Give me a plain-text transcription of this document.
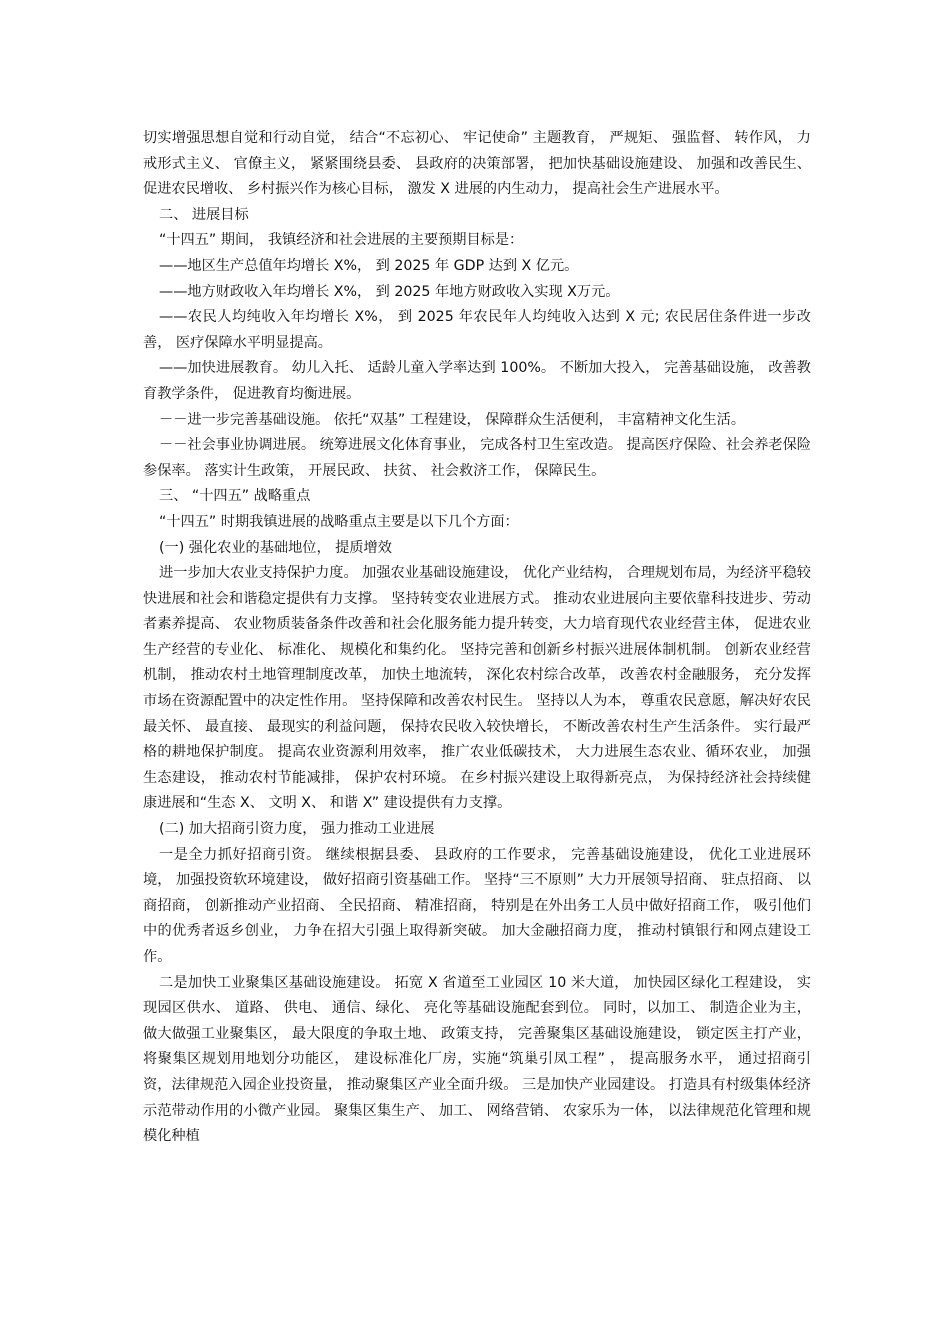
切实增强思想自觉和行动自觉， 结合“不忘初心、 牢记使命” 主题教育， 严规矩、 强监督、 转作风， 力戒形式主义、 官僚主义， 紧紧围绕县委、 县政府的决策部署， 把加快基础设施建设、 加强和改善民生、 促进农民增收、 乡村振兴作为核心目标， 激发 X 进展的内生动力， 提高社会生产进展水平。

二、 进展目标

“十四五” 期间， 我镇经济和社会进展的主要预期目标是：

——地区生产总值年均增长 X%， 到 2025 年 GDP 达到 X 亿元。

——地方财政收入年均增长 X%， 到 2025 年地方财政收入实现 X万元。

——农民人均纯收入年均增长 X%， 到 2025 年农民年人均纯收入达到 X 元; 农民居住条件进一步改善， 医疗保障水平明显提高。

——加快进展教育。 幼儿入托、 适龄儿童入学率达到 100%。 不断加大投入， 完善基础设施， 改善教育教学条件， 促进教育均衡进展。

－－进一步完善基础设施。 依托“双基” 工程建设， 保障群众生活便利， 丰富精神文化生活。

－－社会事业协调进展。 统筹进展文化体育事业， 完成各村卫生室改造。 提高医疗保险、社会养老保险参保率。 落实计生政策， 开展民政、 扶贫、 社会救济工作， 保障民生。

三、 “十四五” 战略重点

“十四五” 时期我镇进展的战略重点主要是以下几个方面：

(一) 强化农业的基础地位， 提质增效

进一步加大农业支持保护力度。 加强农业基础设施建设， 优化产业结构， 合理规划布局，为经济平稳较快进展和社会和谐稳定提供有力支撑。 坚持转变农业进展方式。 推动农业进展向主要依靠科技进步、劳动者素养提高、 农业物质装备条件改善和社会化服务能力提升转变，大力培育现代农业经营主体， 促进农业生产经营的专业化、 标准化、 规模化和集约化。 坚持完善和创新乡村振兴进展体制机制。 创新农业经营机制， 推动农村土地管理制度改革， 加快土地流转， 深化农村综合改革， 改善农村金融服务， 充分发挥市场在资源配置中的决定性作用。 坚持保障和改善农村民生。 坚持以人为本， 尊重农民意愿，解决好农民最关怀、 最直接、 最现实的利益问题， 保持农民收入较快增长， 不断改善农村生产生活条件。 实行最严格的耕地保护制度。 提高农业资源利用效率， 推广农业低碳技术， 大力进展生态农业、循环农业， 加强生态建设， 推动农村节能减排， 保护农村环境。 在乡村振兴建设上取得新亮点， 为保持经济社会持续健康进展和“生态 X、 文明 X、 和谐 X” 建设提供有力支撑。

(二) 加大招商引资力度， 强力推动工业进展

一是全力抓好招商引资。 继续根据县委、 县政府的工作要求， 完善基础设施建设， 优化工业进展环境， 加强投资软环境建设， 做好招商引资基础工作。 坚持“三不原则” 大力开展领导招商、 驻点招商、 以商招商， 创新推动产业招商、 全民招商、 精准招商， 特别是在外出务工人员中做好招商工作， 吸引他们中的优秀者返乡创业， 力争在招大引强上取得新突破。 加大金融招商力度， 推动村镇银行和网点建设工作。

二是加快工业聚集区基础设施建设。 拓宽 X 省道至工业园区 10 米大道， 加快园区绿化工程建设， 实现园区供水、 道路、 供电、 通信、绿化、 亮化等基础设施配套到位。 同时，以加工、 制造企业为主， 做大做强工业聚集区， 最大限度的争取土地、 政策支持， 完善聚集区基础设施建设， 锁定医主打产业， 将聚集区规划用地划分功能区， 建设标准化厂房，实施“筑巢引凤工程” ， 提高服务水平， 通过招商引资，法律规范入园企业投资量， 推动聚集区产业全面升级。 三是加快产业园建设。 打造具有村级集体经济示范带动作用的小微产业园。 聚集区集生产、 加工、 网络营销、 农家乐为一体， 以法律规范化管理和规模化种植
